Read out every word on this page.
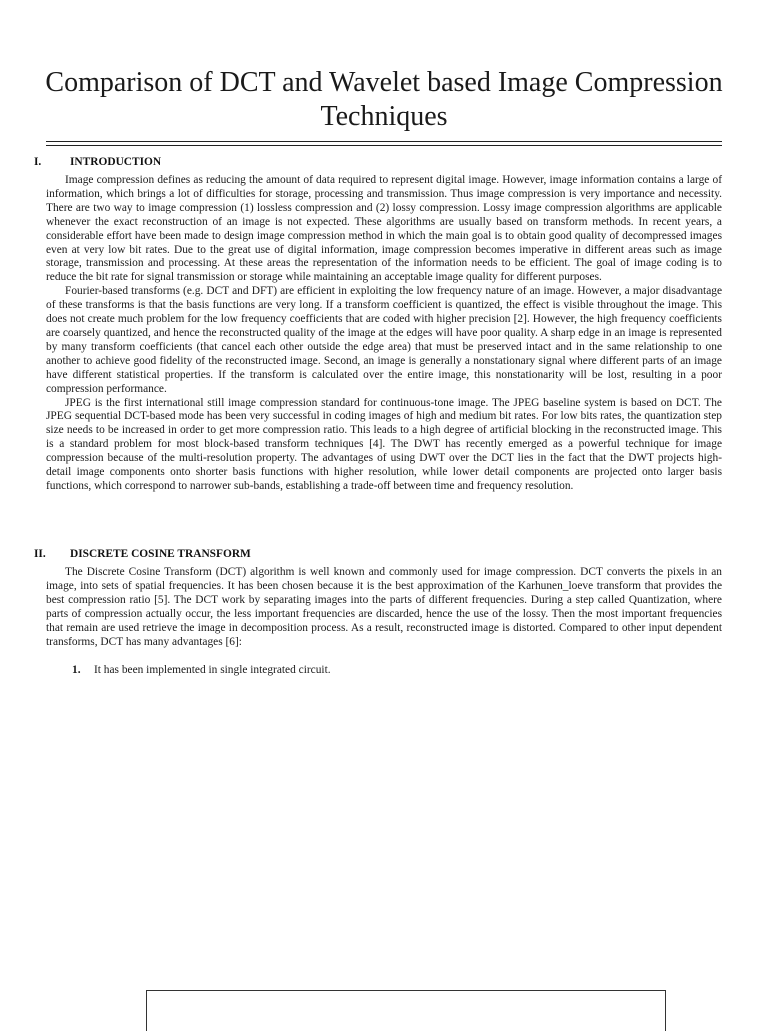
Comparison of DCT and Wavelet based Image Compression Techniques
I.	INTRODUCTION

Image compression defines as reducing the amount of data required to represent digital image. However, image information contains a large of information, which brings a lot of difficulties for storage, processing and transmission. Thus image compression is very importance and necessity. There are two way to image compression (1) lossless compression and (2) lossy compression. Lossy image compression algorithms are applicable whenever the exact reconstruction of an image is not expected. These algorithms are usually based on transform methods. In recent years, a considerable effort have been made to design image compression method in which the main goal is to obtain good quality of decompressed images even at very low bit rates. Due to the great use of digital information, image compression becomes imperative in different areas such as image storage, transmission and processing. At these areas the representation of the information needs to be efficient. The goal of image coding is to reduce the bit rate for signal transmission or storage while maintaining an acceptable image quality for different purposes.

Fourier-based transforms (e.g. DCT and DFT) are efficient in exploiting the low frequency nature of an image. However, a major disadvantage of these transforms is that the basis functions are very long. If a transform coefficient is quantized, the effect is visible throughout the image. This does not create much problem for the low frequency coefficients that are coded with higher precision [2]. However, the high frequency coefficients are coarsely quantized, and hence the reconstructed quality of the image at the edges will have poor quality. A sharp edge in an image is represented by many transform coefficients (that cancel each other outside the edge area) that must be preserved intact and in the same relationship to one another to achieve good fidelity of the reconstructed image. Second, an image is generally a nonstationary signal where different parts of an image have different statistical properties. If the transform is calculated over the entire image, this nonstationarity will be lost, resulting in a poor compression performance.

JPEG is the first international still image compression standard for continuous-tone image. The JPEG baseline system is based on DCT. The JPEG sequential DCT-based mode has been very successful in coding images of high and medium bit rates. For low bits rates, the quantization step size needs to be increased in order to get more compression ratio. This leads to a high degree of artificial blocking in the reconstructed image. This is a standard problem for most block-based transform techniques [4]. The DWT has recently emerged as a powerful technique for image compression because of the multi-resolution property. The advantages of using DWT over the DCT lies in the fact that the DWT projects high-detail image components onto shorter basis functions with higher resolution, while lower detail components are projected onto larger basis functions, which correspond to narrower sub-bands, establishing a trade-off between time and frequency resolution.

II. DISCRETE COSINE TRANSFORM

The Discrete Cosine Transform (DCT) algorithm is well known and commonly used for image compression. DCT converts the pixels in an image, into sets of spatial frequencies. It has been chosen because it is the best approximation of the Karhunen_loeve transform that provides the best compression ratio [5]. The DCT work by separating images into the parts of different frequencies. During a step called Quantization, where parts of compression actually occur, the less important frequencies are discarded, hence the use of the lossy. Then the most important frequencies that remain are used retrieve the image in decomposition process. As a result, reconstructed image is distorted. Compared to other input dependent transforms, DCT has many advantages [6]:

1. It has been implemented in single integrated circuit.
